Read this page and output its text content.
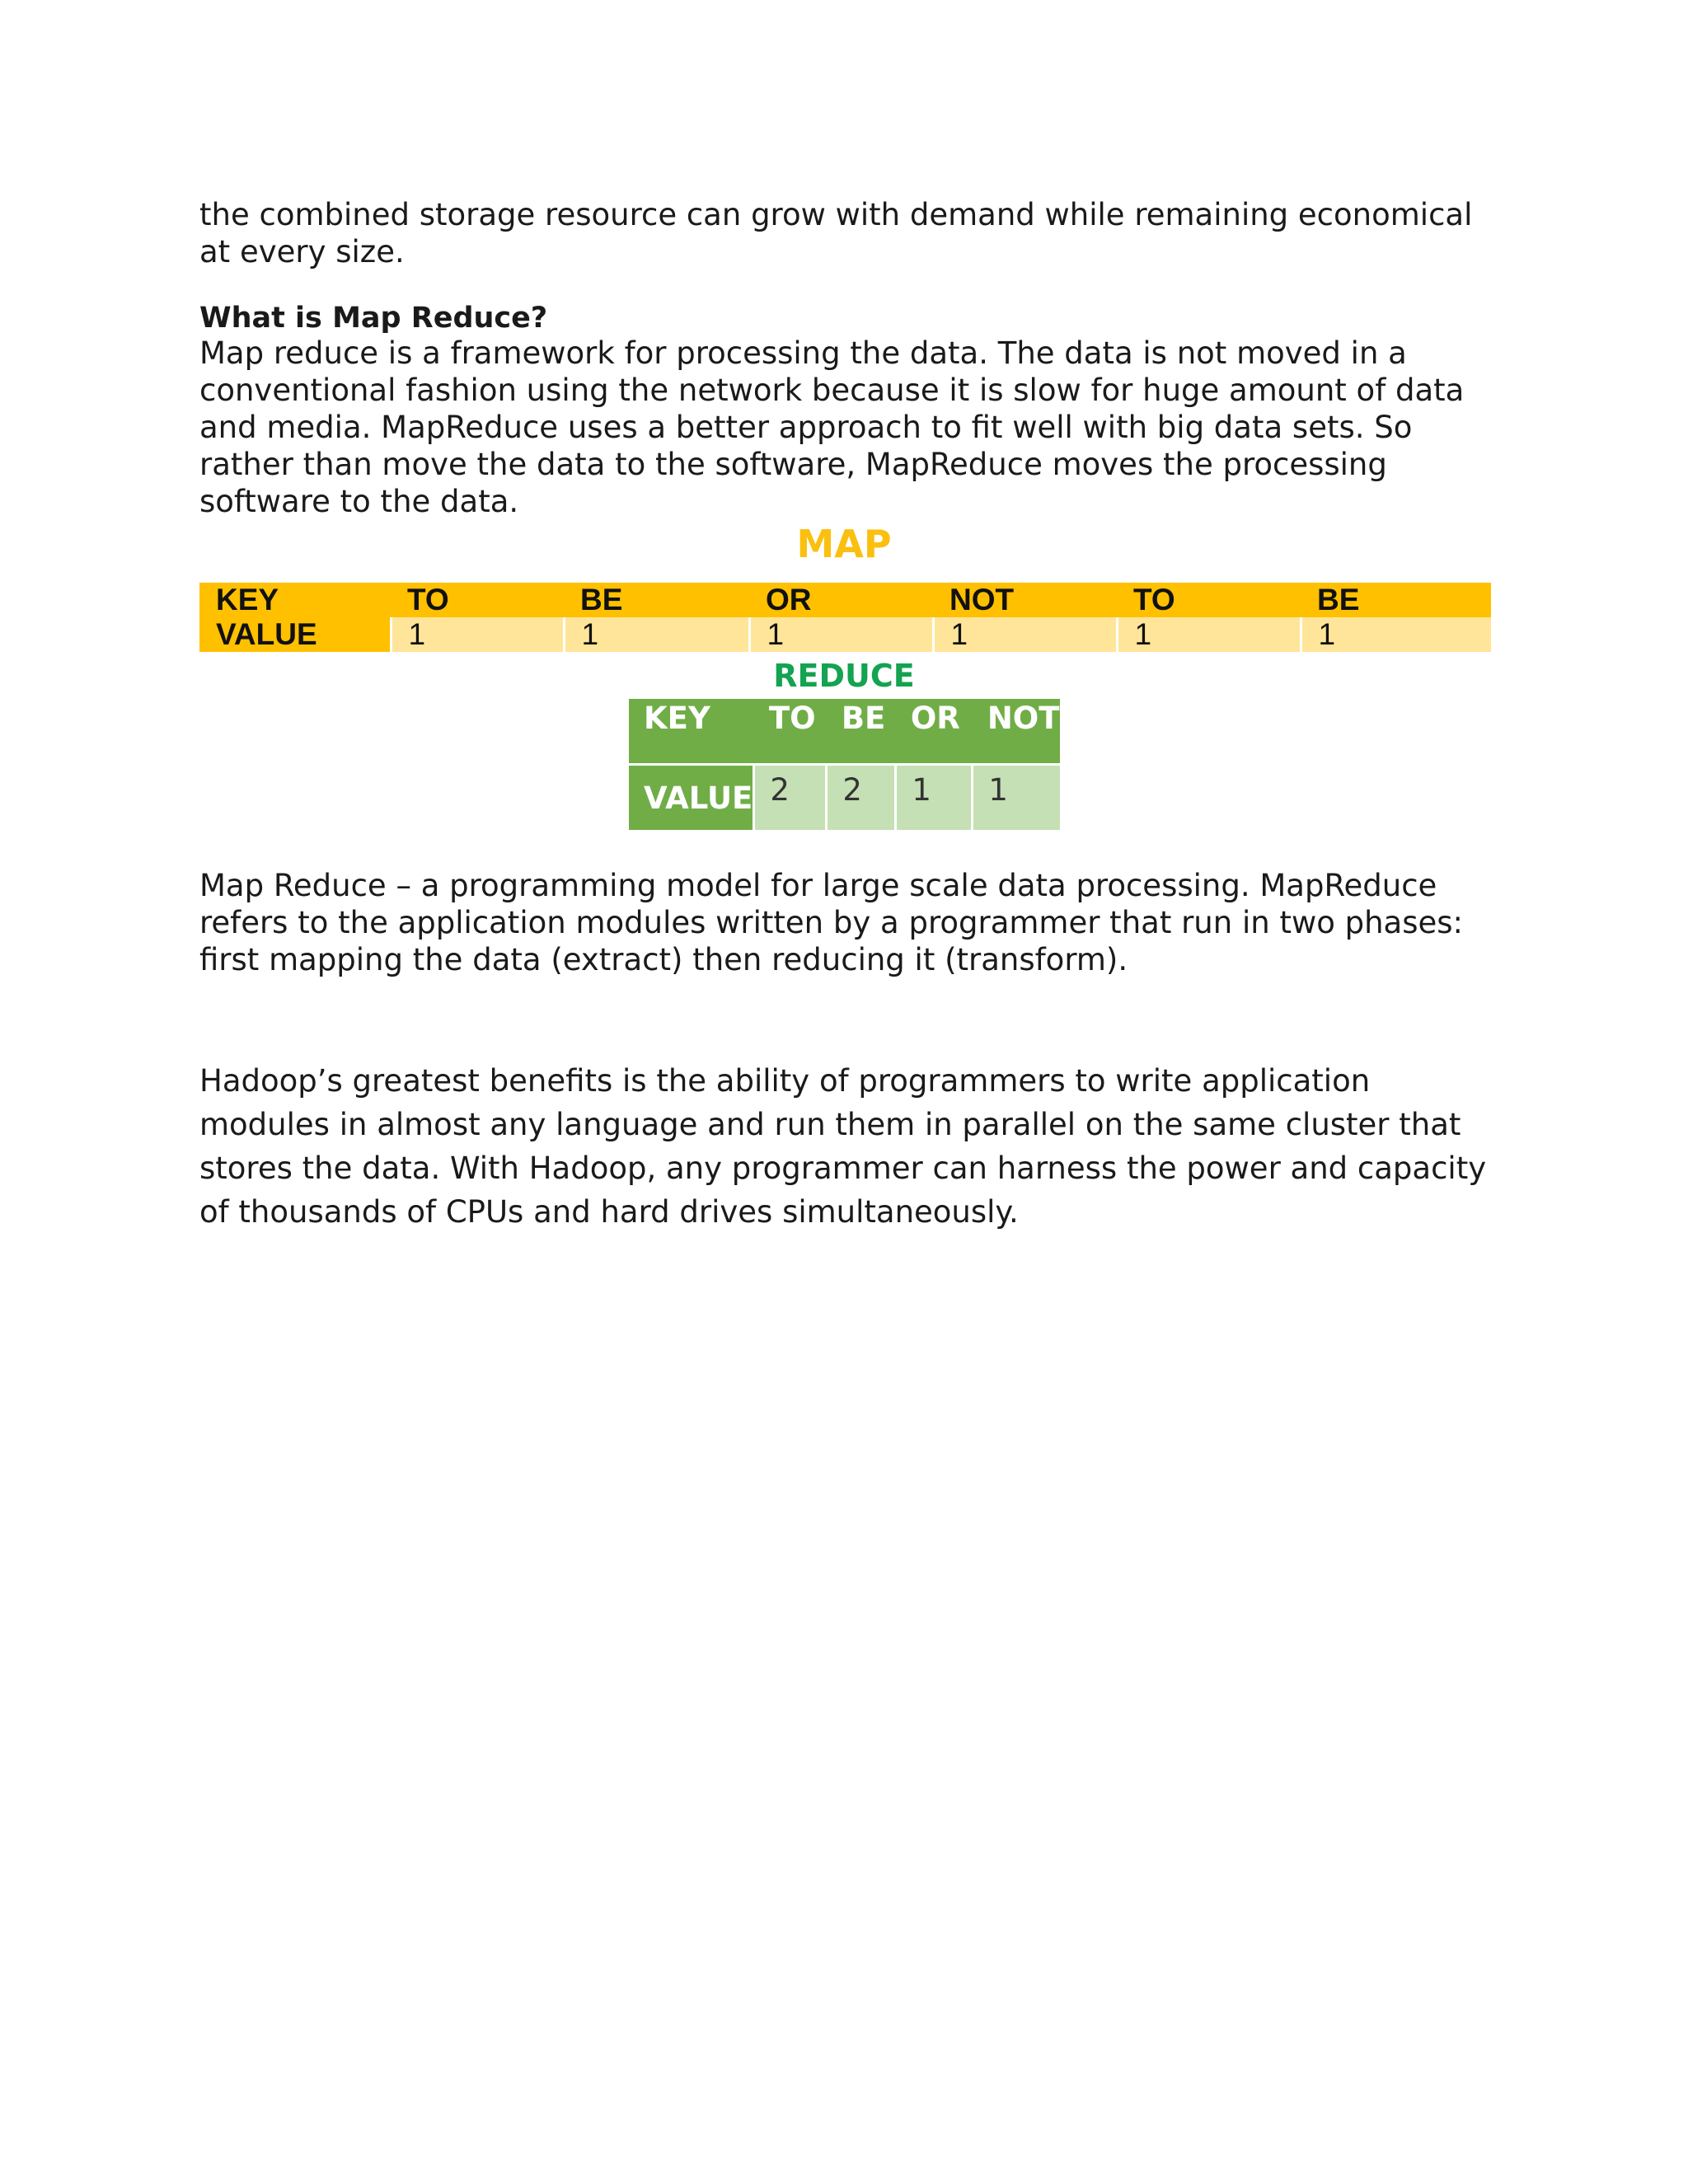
the combined storage resource can grow with demand while remaining economical at every size.

What is Map Reduce?

Map reduce is a framework for processing the data. The data is not moved in a conventional fashion using the network because it is slow for huge amount of data and media. MapReduce uses a better approach to fit well with big data sets. So rather than move the data to the software, MapReduce moves the processing software to the data.

MAP
KEY	TO	BE	OR	NOT	TO	BE
VALUE	1	1	1	1	1	1
REDUCE
KEY	TO	BE	OR	NOT
VALUE	2	2	1	1

Map Reduce – a programming model for large scale data processing. MapReduce refers to the application modules written by a programmer that run in two phases: first mapping the data (extract) then reducing it (transform).

Hadoop’s greatest benefits is the ability of programmers to write application modules in almost any language and run them in parallel on the same cluster that stores the data. With Hadoop, any programmer can harness the power and capacity of thousands of CPUs and hard drives simultaneously.
